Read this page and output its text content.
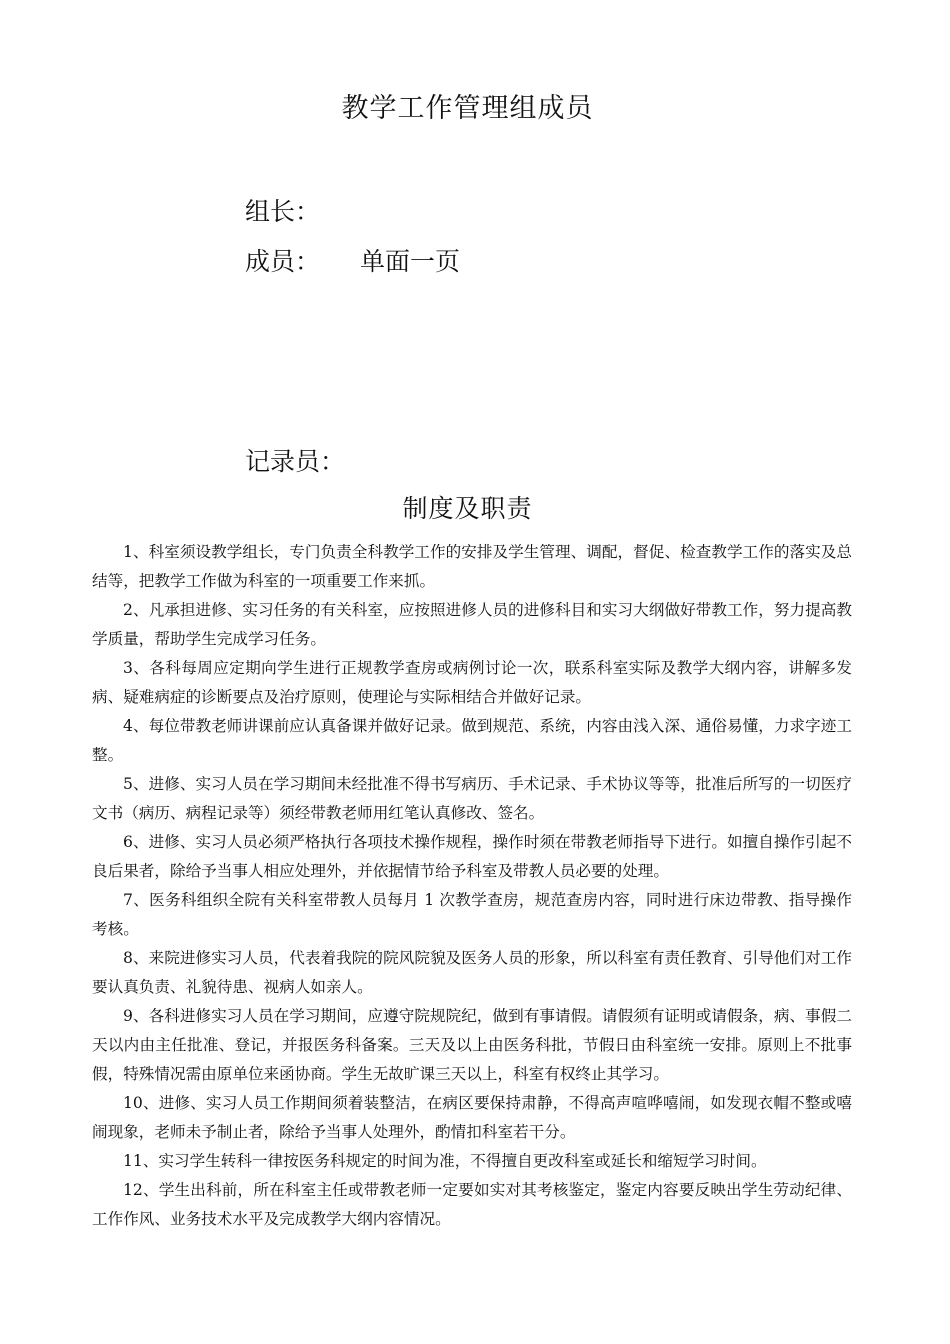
教学工作管理组成员
组长：
成员： 单面一页
记录员：
制度及职责
1、科室须设教学组长，专门负责全科教学工作的安排及学生管理、调配，督促、检查教学工作的落实及总结等，把教学工作做为科室的一项重要工作来抓。
2、凡承担进修、实习任务的有关科室，应按照进修人员的进修科目和实习大纲做好带教工作，努力提高教学质量，帮助学生完成学习任务。
3、各科每周应定期向学生进行正规教学查房或病例讨论一次，联系科室实际及教学大纲内容，讲解多发病、疑难病症的诊断要点及治疗原则，使理论与实际相结合并做好记录。
4、每位带教老师讲课前应认真备课并做好记录。做到规范、系统，内容由浅入深、通俗易懂，力求字迹工整。
5、进修、实习人员在学习期间未经批准不得书写病历、手术记录、手术协议等等，批准后所写的一切医疗文书（病历、病程记录等）须经带教老师用红笔认真修改、签名。
6、进修、实习人员必须严格执行各项技术操作规程，操作时须在带教老师指导下进行。如擅自操作引起不良后果者，除给予当事人相应处理外，并依据情节给予科室及带教人员必要的处理。
7、医务科组织全院有关科室带教人员每月 1 次教学查房，规范查房内容，同时进行床边带教、指导操作考核。
8、来院进修实习人员，代表着我院的院风院貌及医务人员的形象，所以科室有责任教育、引导他们对工作要认真负责、礼貌待患、视病人如亲人。
9、各科进修实习人员在学习期间，应遵守院规院纪，做到有事请假。请假须有证明或请假条，病、事假二天以内由主任批准、登记，并报医务科备案。三天及以上由医务科批，节假日由科室统一安排。原则上不批事假，特殊情况需由原单位来函协商。学生无故旷课三天以上，科室有权终止其学习。
10、进修、实习人员工作期间须着装整洁，在病区要保持肃静，不得高声喧哗嘻闹，如发现衣帽不整或嘻闹现象，老师未予制止者，除给予当事人处理外，酌情扣科室若干分。
11、实习学生转科一律按医务科规定的时间为准，不得擅自更改科室或延长和缩短学习时间。
12、学生出科前，所在科室主任或带教老师一定要如实对其考核鉴定，鉴定内容要反映出学生劳动纪律、工作作风、业务技术水平及完成教学大纲内容情况。
